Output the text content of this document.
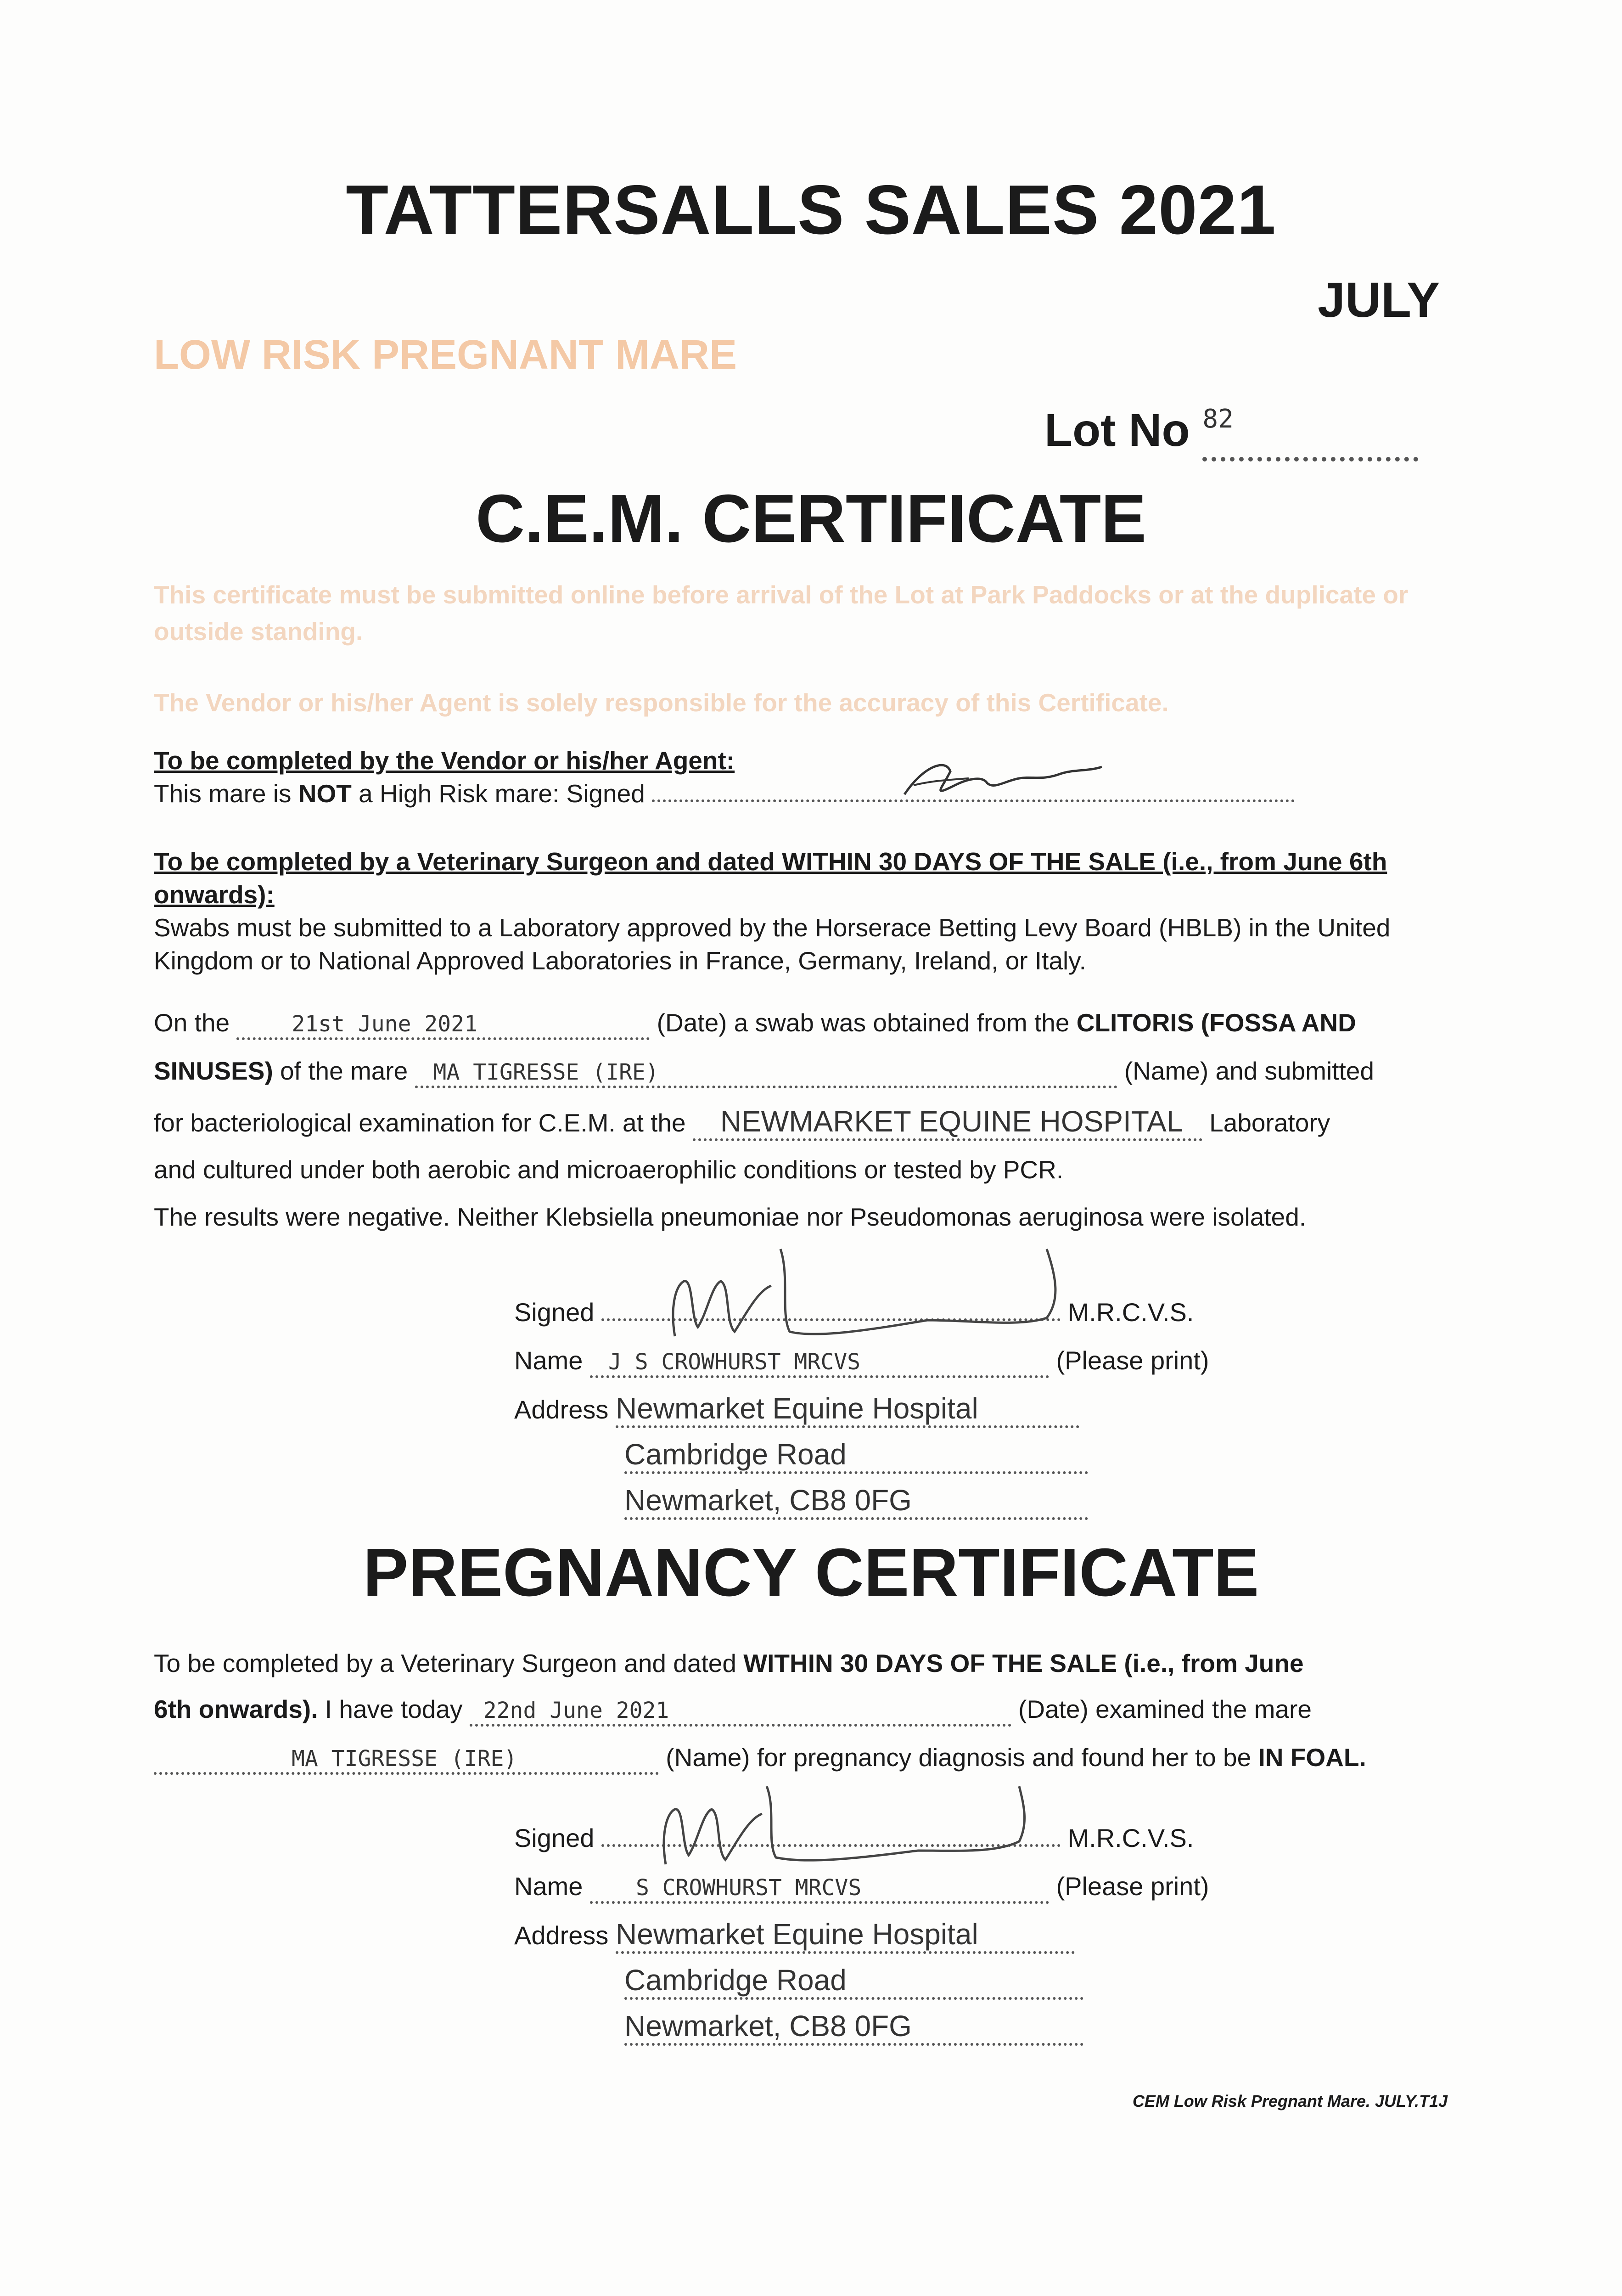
TATTERSALLS SALES 2021
JULY
LOW RISK PREGNANT MARE
Lot No $^{82}$
C.E.M. CERTIFICATE
This certificate must be submitted online before arrival of the Lot at Park Paddocks or at the duplicate or outside standing.
The Vendor or his/her Agent is solely responsible for the accuracy of this Certificate.
To be completed by the Vendor or his/her Agent:
This mare is NOT a High Risk mare: Signed
To be completed by a Veterinary Surgeon and dated WITHIN 30 DAYS OF THE SALE (i.e., from June 6th onwards):
Swabs must be submitted to a Laboratory approved by the Horserace Betting Levy Board (HBLB) in the United Kingdom or to National Approved Laboratories in France, Germany, Ireland, or Italy.
On the	21st June 2021	(Date) a swab was obtained from the CLITORIS (FOSSA AND
SINUSES) of the mare MA TIGRESSE (IRE)	(Name) and submitted
for bacteriological examination for C.E.M. at the NEWMARKET EQUINE HOSPITAL Laboratory
and cultured under both aerobic and microaerophilic conditions or tested by PCR.
The results were negative. Neither Klebsiella pneumoniae nor Pseudomonas aeruginosa were isolated.
Signed	M.R.C.V.S.
Name J S CROWHURST MRCVS	(Please print)
Address Newmarket Equine Hospital
Cambridge Road
Newmarket, CB8 0FG
PREGNANCY CERTIFICATE
To be completed by a Veterinary Surgeon and dated WITHIN 30 DAYS OF THE SALE (i.e., from June
6th onwards). I have today 22nd June 2021	(Date) examined the mare
MA TIGRESSE (IRE)	(Name) for pregnancy diagnosis and found her to be IN FOAL.
Signed	M.R.C.V.S.
Name S CROWHURST MRCVS	(Please print)
Address Newmarket Equine Hospital
Cambridge Road
Newmarket, CB8 0FG
CEM Low Risk Pregnant Mare. JULY.T1J
